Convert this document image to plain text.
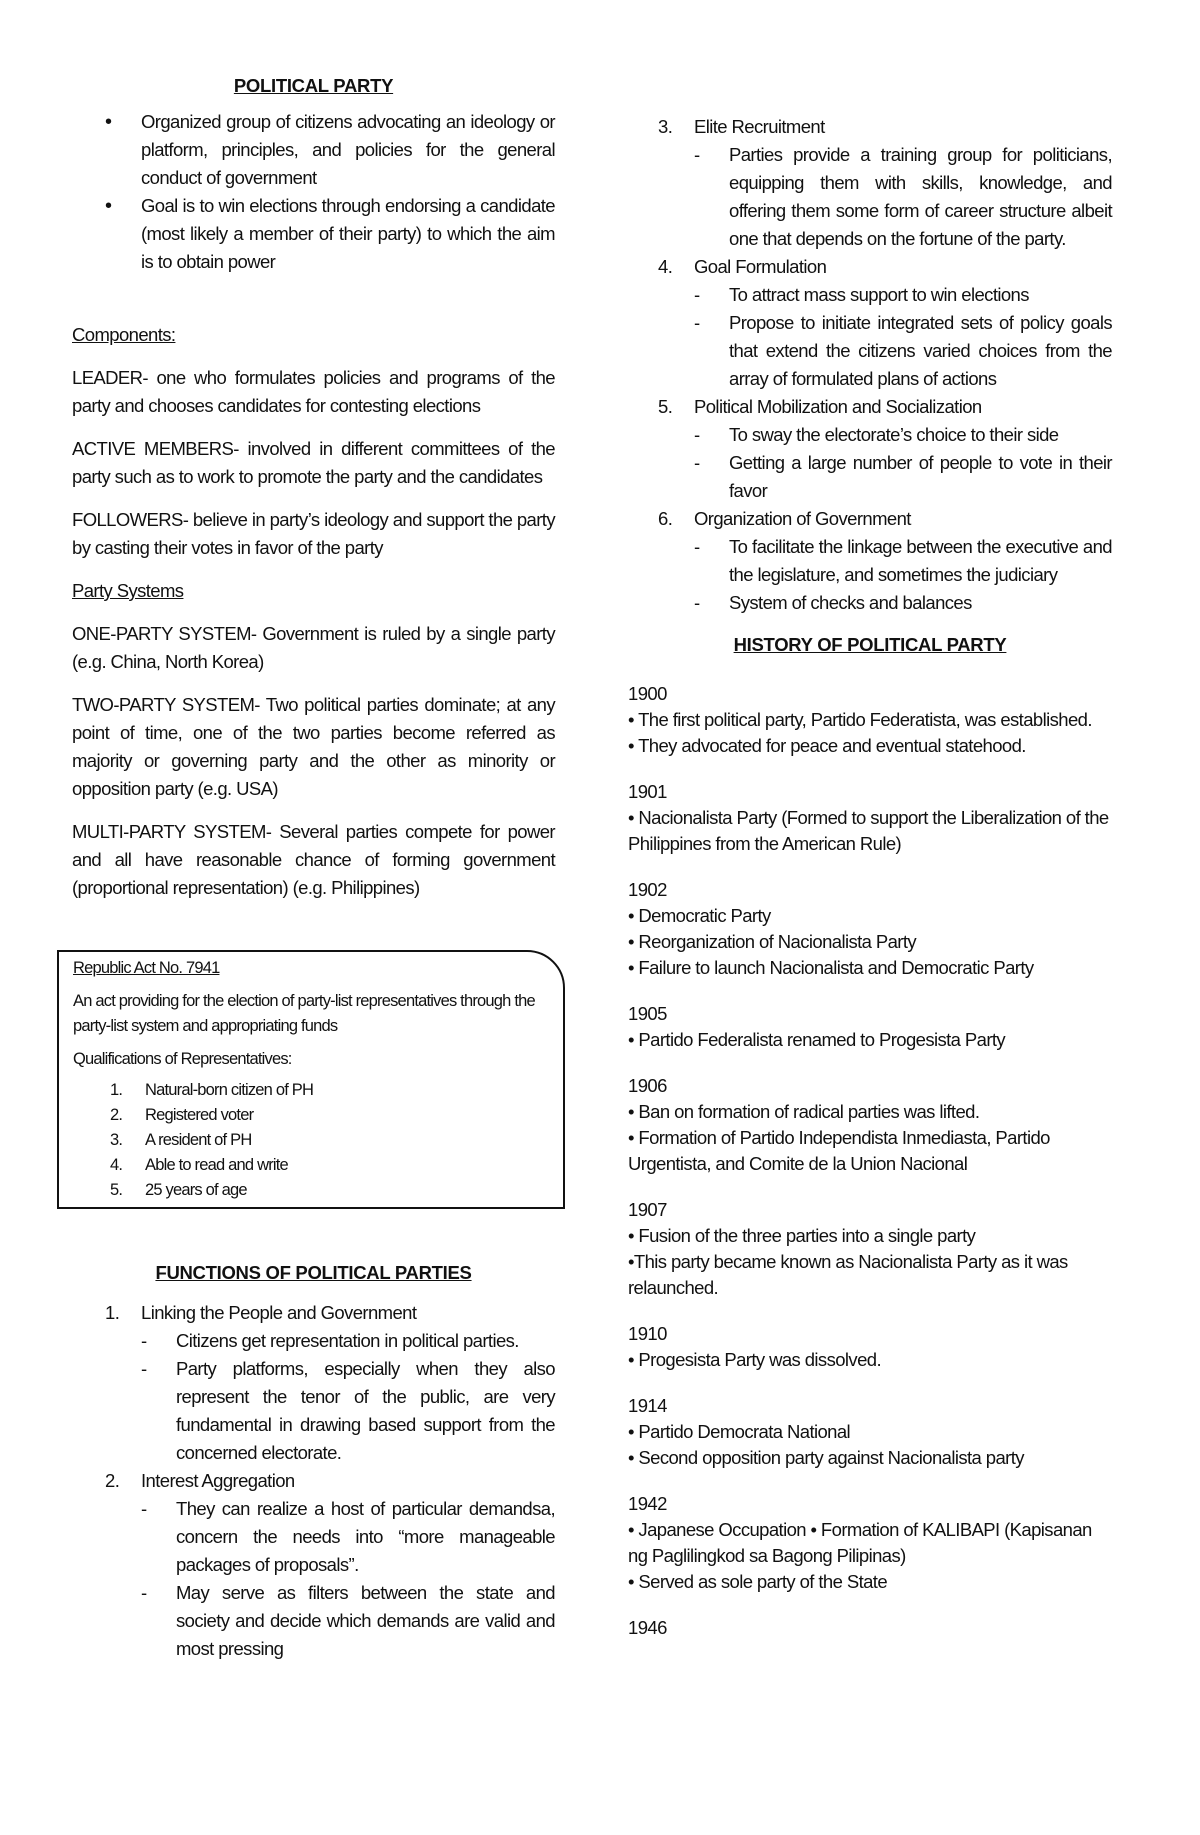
POLITICAL PARTY

• Organized group of citizens advocating an ideology or platform, principles, and policies for the general conduct of government
• Goal is to win elections through endorsing a candidate (most likely a member of their party) to which the aim is to obtain power

Components:

LEADER- one who formulates policies and programs of the party and chooses candidates for contesting elections

ACTIVE MEMBERS- involved in different committees of the party such as to work to promote the party and the candidates

FOLLOWERS- believe in party’s ideology and support the party by casting their votes in favor of the party

Party Systems

ONE-PARTY SYSTEM- Government is ruled by a single party (e.g. China, North Korea)

TWO-PARTY SYSTEM- Two political parties dominate; at any point of time, one of the two parties become referred as majority or governing party and the other as minority or opposition party (e.g. USA)

MULTI-PARTY SYSTEM- Several parties compete for power and all have reasonable chance of forming government (proportional representation) (e.g. Philippines)

Republic Act No. 7941

An act providing for the election of party-list representatives through the party-list system and appropriating funds

Qualifications of Representatives:

1. Natural-born citizen of PH
2. Registered voter
3. A resident of PH
4. Able to read and write
5. 25 years of age

FUNCTIONS OF POLITICAL PARTIES

1. Linking the People and Government
- Citizens get representation in political parties.
- Party platforms, especially when they also represent the tenor of the public, are very fundamental in drawing based support from the concerned electorate.
2. Interest Aggregation
- They can realize a host of particular demandsa, concern the needs into “more manageable packages of proposals”.
- May serve as filters between the state and society and decide which demands are valid and most pressing
3. Elite Recruitment
- Parties provide a training group for politicians, equipping them with skills, knowledge, and offering them some form of career structure albeit one that depends on the fortune of the party.
4. Goal Formulation
- To attract mass support to win elections
- Propose to initiate integrated sets of policy goals that extend the citizens varied choices from the array of formulated plans of actions
5. Political Mobilization and Socialization
- To sway the electorate’s choice to their side
- Getting a large number of people to vote in their favor
6. Organization of Government
- To facilitate the linkage between the executive and the legislature, and sometimes the judiciary
- System of checks and balances

HISTORY OF POLITICAL PARTY

1900

• The first political party, Partido Federatista, was established.

• They advocated for peace and eventual statehood.

1901

• Nacionalista Party (Formed to support the Liberalization of the Philippines from the American Rule)

1902

• Democratic Party

• Reorganization of Nacionalista Party

• Failure to launch Nacionalista and Democratic Party

1905

• Partido Federalista renamed to Progesista Party

1906

• Ban on formation of radical parties was lifted.

• Formation of Partido Independista Inmediasta, Partido Urgentista, and Comite de la Union Nacional

1907

• Fusion of the three parties into a single party

•This party became known as Nacionalista Party as it was relaunched.

1910

• Progesista Party was dissolved.

1914

• Partido Democrata National

• Second opposition party against Nacionalista party

1942

• Japanese Occupation • Formation of KALIBAPI (Kapisanan ng Paglilingkod sa Bagong Pilipinas)

• Served as sole party of the State

1946
